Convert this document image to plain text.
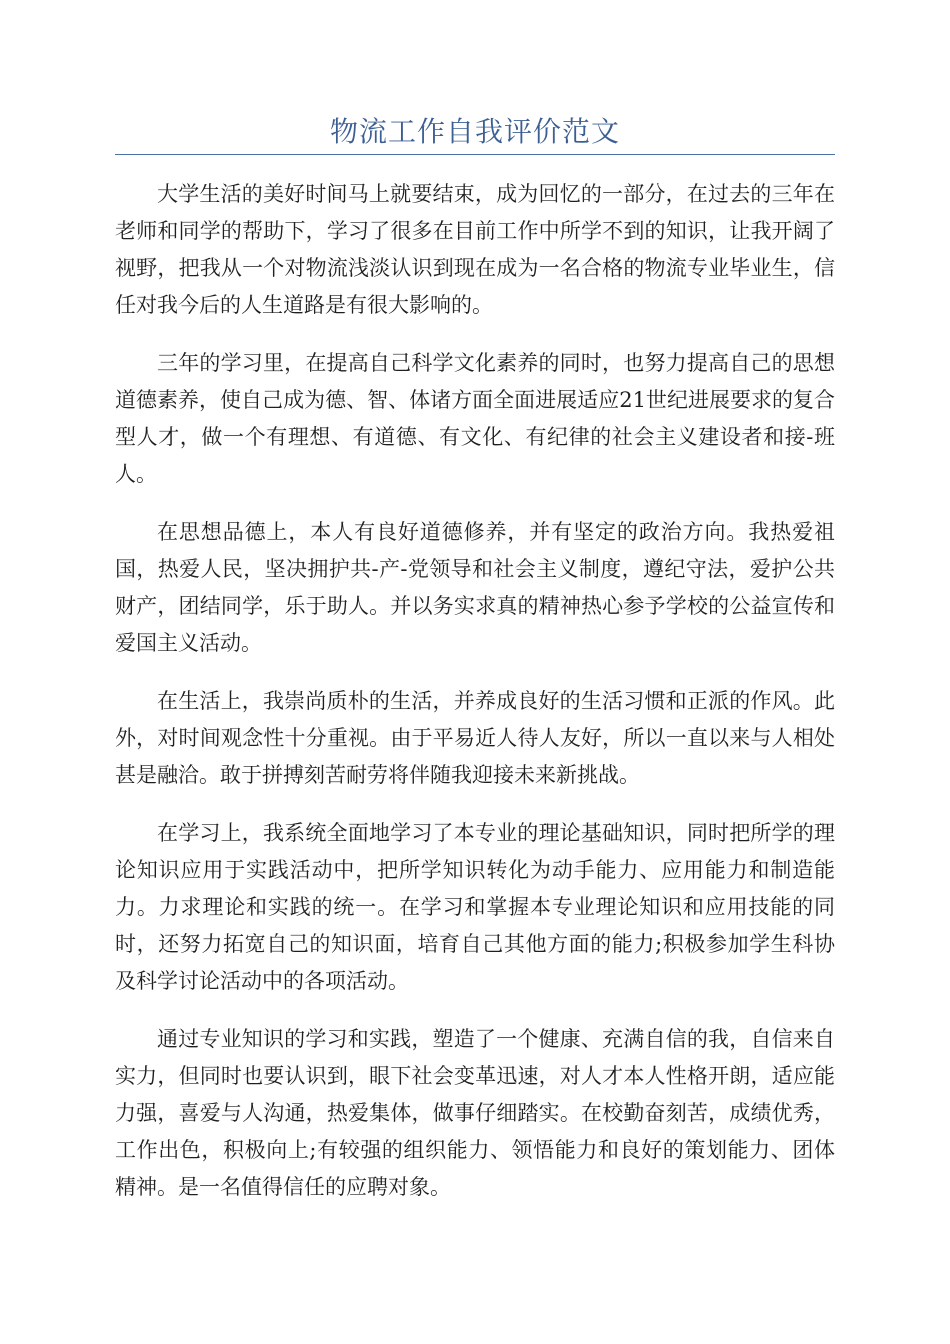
物流工作自我评价范文

大学生活的美好时间马上就要结束，成为回忆的一部分，在过去的三年在老师和同学的帮助下，学习了很多在目前工作中所学不到的知识，让我开阔了视野，把我从一个对物流浅淡认识到现在成为一名合格的物流专业毕业生，信任对我今后的人生道路是有很大影响的。

三年的学习里，在提高自己科学文化素养的同时，也努力提高自己的思想道德素养，使自己成为德、智、体诸方面全面进展适应21世纪进展要求的复合型人才，做一个有理想、有道德、有文化、有纪律的社会主义建设者和接-班人。

在思想品德上，本人有良好道德修养，并有坚定的政治方向。我热爱祖国，热爱人民，坚决拥护共-产-党领导和社会主义制度，遵纪守法，爱护公共财产，团结同学，乐于助人。并以务实求真的精神热心参予学校的公益宣传和爱国主义活动。

在生活上，我崇尚质朴的生活，并养成良好的生活习惯和正派的作风。此外，对时间观念性十分重视。由于平易近人待人友好，所以一直以来与人相处甚是融洽。敢于拼搏刻苦耐劳将伴随我迎接未来新挑战。

在学习上，我系统全面地学习了本专业的理论基础知识，同时把所学的理论知识应用于实践活动中，把所学知识转化为动手能力、应用能力和制造能力。力求理论和实践的统一。在学习和掌握本专业理论知识和应用技能的同时，还努力拓宽自己的知识面，培育自己其他方面的能力;积极参加学生科协及科学讨论活动中的各项活动。

通过专业知识的学习和实践，塑造了一个健康、充满自信的我，自信来自实力，但同时也要认识到，眼下社会变革迅速，对人才本人性格开朗，适应能力强，喜爱与人沟通，热爱集体，做事仔细踏实。在校勤奋刻苦，成绩优秀，工作出色，积极向上;有较强的组织能力、领悟能力和良好的策划能力、团体精神。是一名值得信任的应聘对象。
